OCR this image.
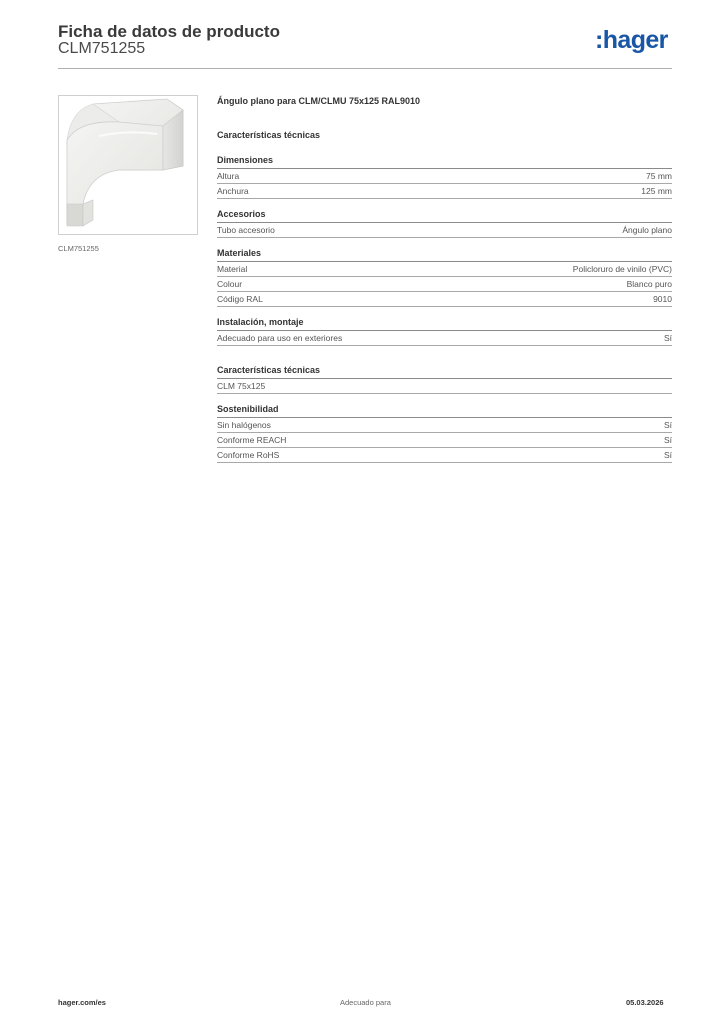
Ficha de datos de producto
CLM751255	:hager
CLM751255
Ángulo plano para CLM/CLMU 75x125 RAL9010
Características técnicas
Dimensiones
Altura	75 mm
Anchura	125 mm
Accesorios
Tubo accesorio	Ángulo plano
Materiales
Material	Policloruro de vinilo (PVC)
Colour	Blanco puro
Código RAL	9010
Instalación, montaje
Adecuado para uso en exteriores	Sí
Características técnicas
CLM 75x125
Sostenibilidad
Sin halógenos	Sí
Conforme REACH	Sí
Conforme RoHS	Sí
hager.com/es	Adecuado para	05.03.2026
